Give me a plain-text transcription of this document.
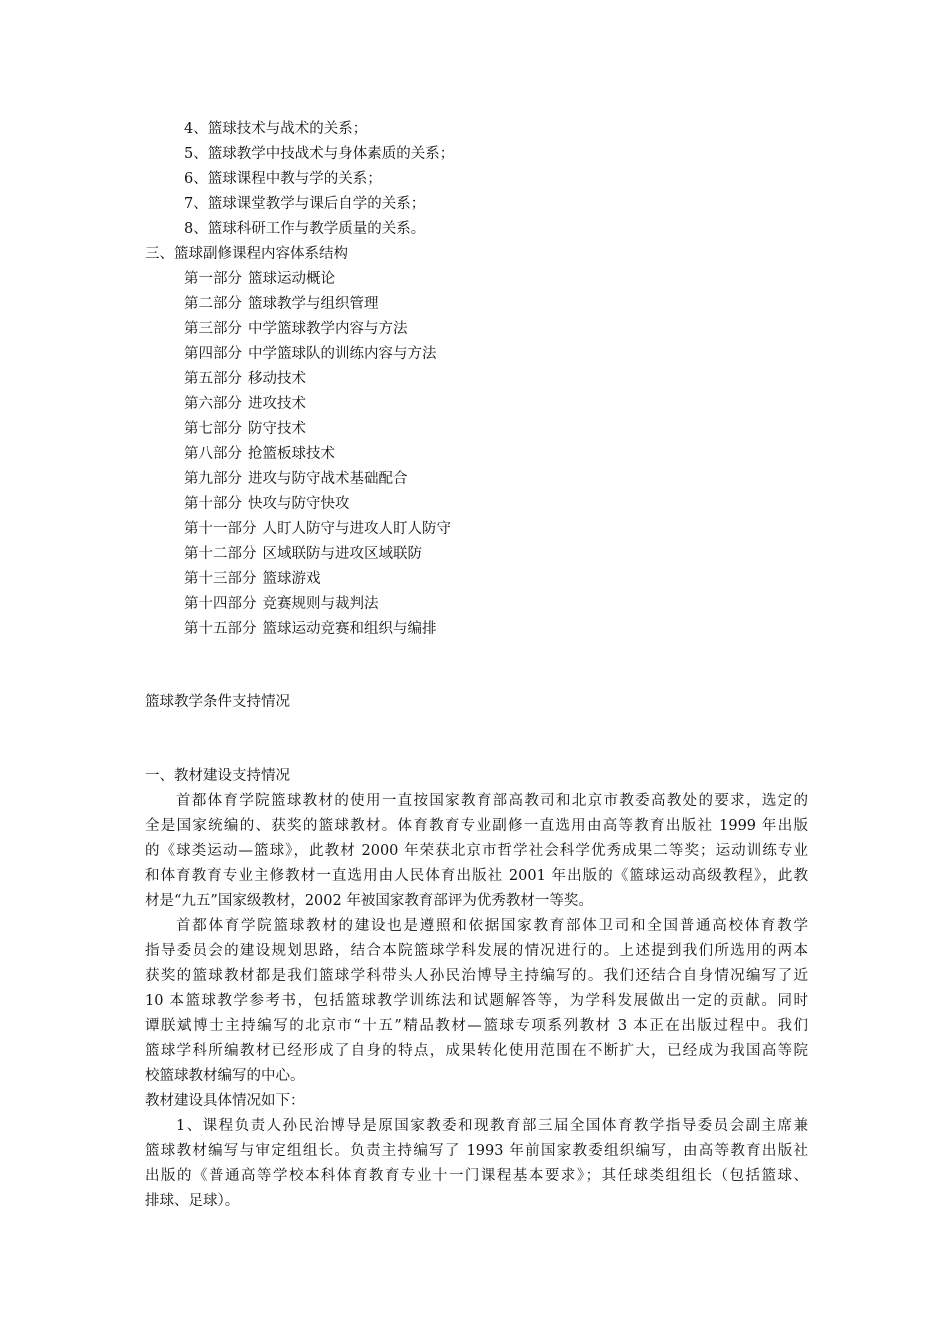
4、篮球技术与战术的关系；
5、篮球教学中技战术与身体素质的关系；
6、篮球课程中教与学的关系；
7、篮球课堂教学与课后自学的关系；
8、篮球科研工作与教学质量的关系。
三、篮球副修课程内容体系结构
第一部分 篮球运动概论
第二部分 篮球教学与组织管理
第三部分 中学篮球教学内容与方法
第四部分 中学篮球队的训练内容与方法
第五部分 移动技术
第六部分 进攻技术
第七部分 防守技术
第八部分 抢篮板球技术
第九部分 进攻与防守战术基础配合
第十部分 快攻与防守快攻
第十一部分 人盯人防守与进攻人盯人防守
第十二部分 区域联防与进攻区域联防
第十三部分 篮球游戏
第十四部分 竞赛规则与裁判法
第十五部分 篮球运动竞赛和组织与编排
篮球教学条件支持情况
一、教材建设支持情况
首都体育学院篮球教材的使用一直按国家教育部高教司和北京市教委高教处的要求，选定的
全是国家统编的、获奖的篮球教材。体育教育专业副修一直选用由高等教育出版社 1999 年出版
的《球类运动—篮球》，此教材 2000 年荣获北京市哲学社会科学优秀成果二等奖；运动训练专业
和体育教育专业主修教材一直选用由人民体育出版社 2001 年出版的《篮球运动高级教程》，此教
材是“九五”国家级教材，2002 年被国家教育部评为优秀教材一等奖。
首都体育学院篮球教材的建设也是遵照和依据国家教育部体卫司和全国普通高校体育教学
指导委员会的建设规划思路，结合本院篮球学科发展的情况进行的。上述提到我们所选用的两本
获奖的篮球教材都是我们篮球学科带头人孙民治博导主持编写的。我们还结合自身情况编写了近
10 本篮球教学参考书，包括篮球教学训练法和试题解答等，为学科发展做出一定的贡献。同时
谭朕斌博士主持编写的北京市“十五”精品教材—篮球专项系列教材 3 本正在出版过程中。我们
篮球学科所编教材已经形成了自身的特点，成果转化使用范围在不断扩大，已经成为我国高等院
校篮球教材编写的中心。
教材建设具体情况如下：
1、课程负责人孙民治博导是原国家教委和现教育部三届全国体育教学指导委员会副主席兼
篮球教材编写与审定组组长。负责主持编写了 1993 年前国家教委组织编写，由高等教育出版社
出版的《普通高等学校本科体育教育专业十一门课程基本要求》；其任球类组组长（包括篮球、
排球、足球）。
